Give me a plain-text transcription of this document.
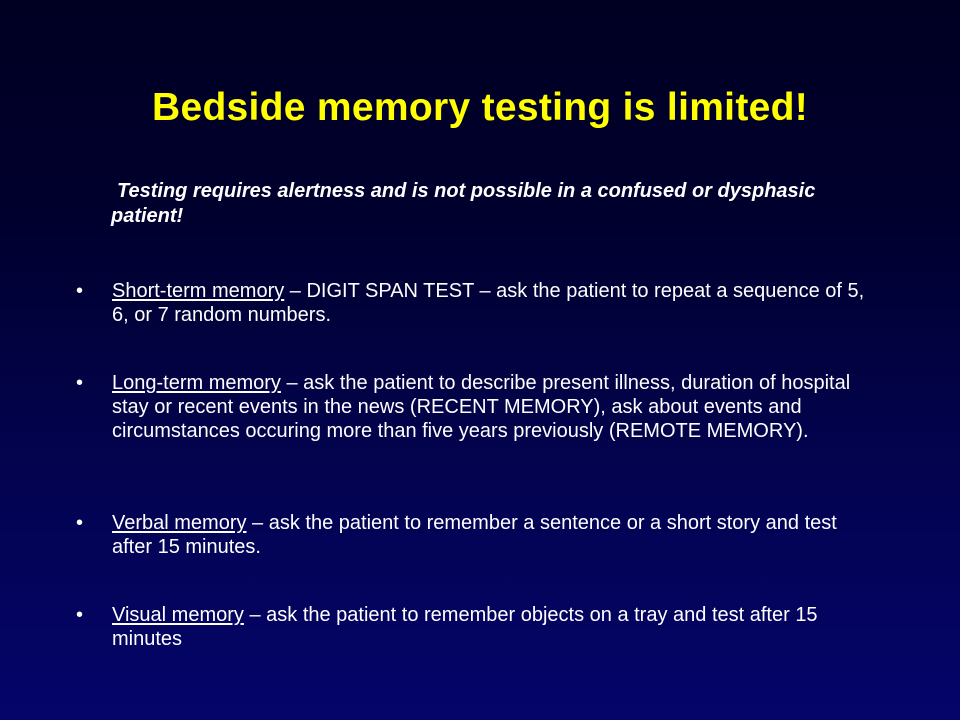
Bedside memory testing is limited!

Testing requires alertness and is not possible in a confused or dysphasic patient!

• Short-term memory – DIGIT SPAN TEST – ask the patient to repeat a sequence of 5, 6, or 7 random numbers.
• Long-term memory – ask the patient to describe present illness, duration of hospital stay or recent events in the news (RECENT MEMORY), ask about events and circumstances occuring more than five years previously (REMOTE MEMORY).
• Verbal memory – ask the patient to remember a sentence or a short story and test after 15 minutes.
• Visual memory – ask the patient to remember objects on a tray and test after 15 minutes
